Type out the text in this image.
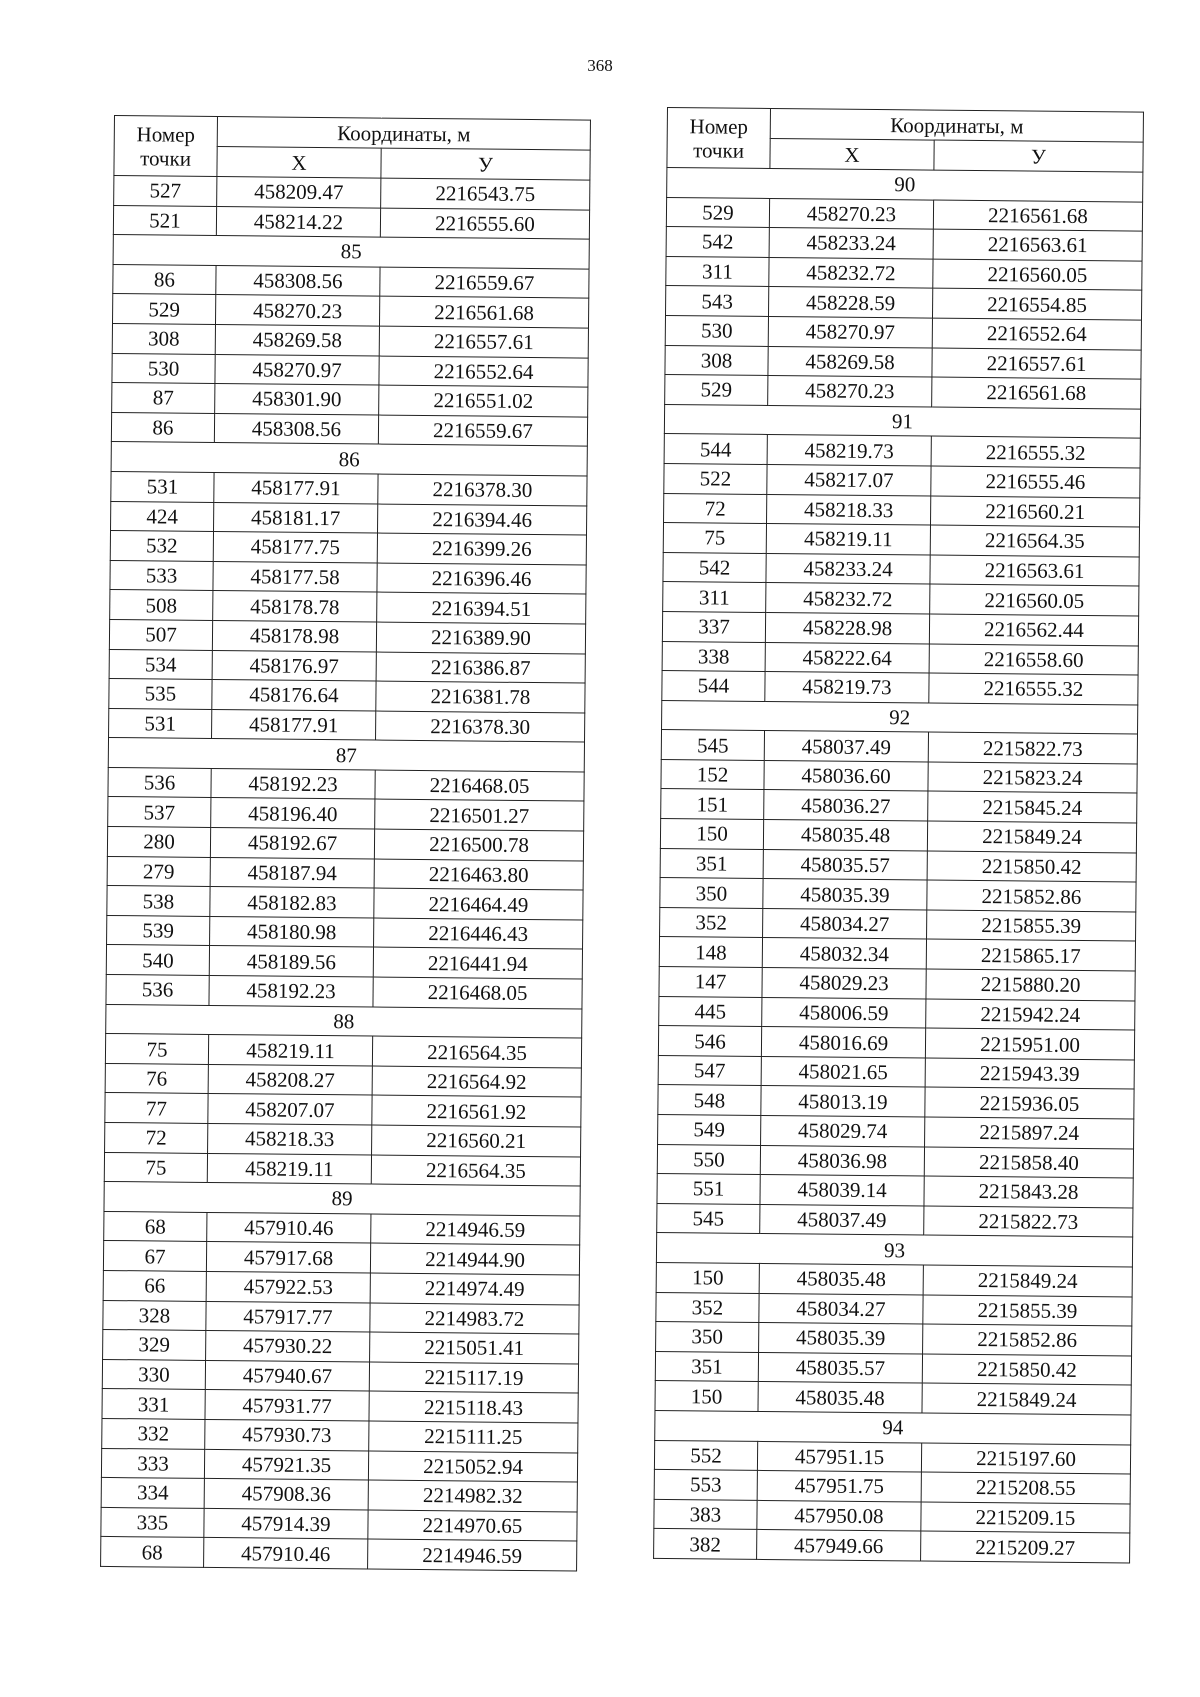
368
Номер
точки	Координаты, м	
	Х	У
527	458209.47	2216543.75
521	458214.22	2216555.60
85		
86	458308.56	2216559.67
529	458270.23	2216561.68
308	458269.58	2216557.61
530	458270.97	2216552.64
87	458301.90	2216551.02
86	458308.56	2216559.67
86		
531	458177.91	2216378.30
424	458181.17	2216394.46
532	458177.75	2216399.26
533	458177.58	2216396.46
508	458178.78	2216394.51
507	458178.98	2216389.90
534	458176.97	2216386.87
535	458176.64	2216381.78
531	458177.91	2216378.30
87		
536	458192.23	2216468.05
537	458196.40	2216501.27
280	458192.67	2216500.78
279	458187.94	2216463.80
538	458182.83	2216464.49
539	458180.98	2216446.43
540	458189.56	2216441.94
536	458192.23	2216468.05
88		
75	458219.11	2216564.35
76	458208.27	2216564.92
77	458207.07	2216561.92
72	458218.33	2216560.21
75	458219.11	2216564.35
89		
68	457910.46	2214946.59
67	457917.68	2214944.90
66	457922.53	2214974.49
328	457917.77	2214983.72
329	457930.22	2215051.41
330	457940.67	2215117.19
331	457931.77	2215118.43
332	457930.73	2215111.25
333	457921.35	2215052.94
334	457908.36	2214982.32
335	457914.39	2214970.65
68	457910.46	2214946.59
Номер
точки	Координаты, м	
	Х	У
90		
529	458270.23	2216561.68
542	458233.24	2216563.61
311	458232.72	2216560.05
543	458228.59	2216554.85
530	458270.97	2216552.64
308	458269.58	2216557.61
529	458270.23	2216561.68
91		
544	458219.73	2216555.32
522	458217.07	2216555.46
72	458218.33	2216560.21
75	458219.11	2216564.35
542	458233.24	2216563.61
311	458232.72	2216560.05
337	458228.98	2216562.44
338	458222.64	2216558.60
544	458219.73	2216555.32
92		
545	458037.49	2215822.73
152	458036.60	2215823.24
151	458036.27	2215845.24
150	458035.48	2215849.24
351	458035.57	2215850.42
350	458035.39	2215852.86
352	458034.27	2215855.39
148	458032.34	2215865.17
147	458029.23	2215880.20
445	458006.59	2215942.24
546	458016.69	2215951.00
547	458021.65	2215943.39
548	458013.19	2215936.05
549	458029.74	2215897.24
550	458036.98	2215858.40
551	458039.14	2215843.28
545	458037.49	2215822.73
93		
150	458035.48	2215849.24
352	458034.27	2215855.39
350	458035.39	2215852.86
351	458035.57	2215850.42
150	458035.48	2215849.24
94		
552	457951.15	2215197.60
553	457951.75	2215208.55
383	457950.08	2215209.15
382	457949.66	2215209.27
